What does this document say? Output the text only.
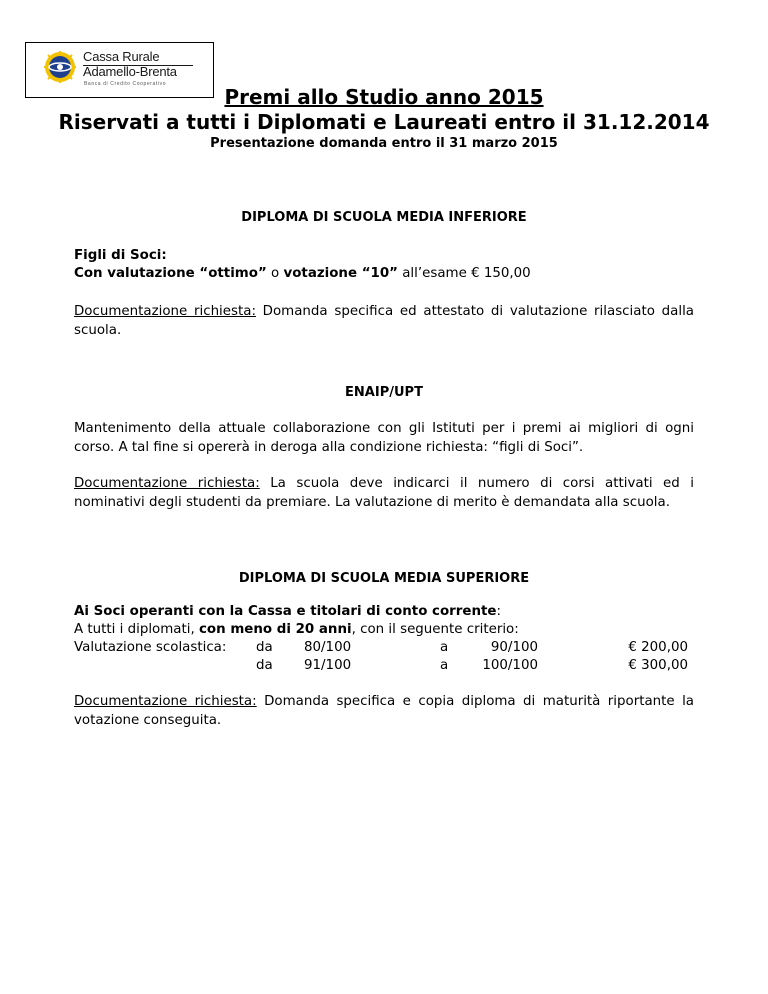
Cassa Rurale
Adamello-Brenta
Banca di Credito Cooperativo
Premi allo Studio anno 2015
Riservati a tutti i Diplomati e Laureati entro il 31.12.2014
Presentazione domanda entro il 31 marzo 2015
DIPLOMA DI SCUOLA MEDIA INFERIORE
Figli di Soci:
Con valutazione “ottimo” o votazione “10” all’esame € 150,00
Documentazione richiesta: Domanda specifica ed attestato di valutazione rilasciato dalla scuola.
ENAIP/UPT
Mantenimento della attuale collaborazione con gli Istituti per i premi ai migliori di ogni corso. A tal fine si opererà in deroga alla condizione richiesta: “figli di Soci”.
Documentazione richiesta: La scuola deve indicarci il numero di corsi attivati ed i nominativi degli studenti da premiare. La valutazione di merito è demandata alla scuola.
DIPLOMA DI SCUOLA MEDIA SUPERIORE
Ai Soci operanti con la Cassa e titolari di conto corrente:
A tutti i diplomati, con meno di 20 anni, con il seguente criterio:
Valutazione scolastica: da 80/100	a	90/100	€ 200,00
da 91/100	a	100/100	€ 300,00
Documentazione richiesta: Domanda specifica e copia diploma di maturità riportante la votazione conseguita.
